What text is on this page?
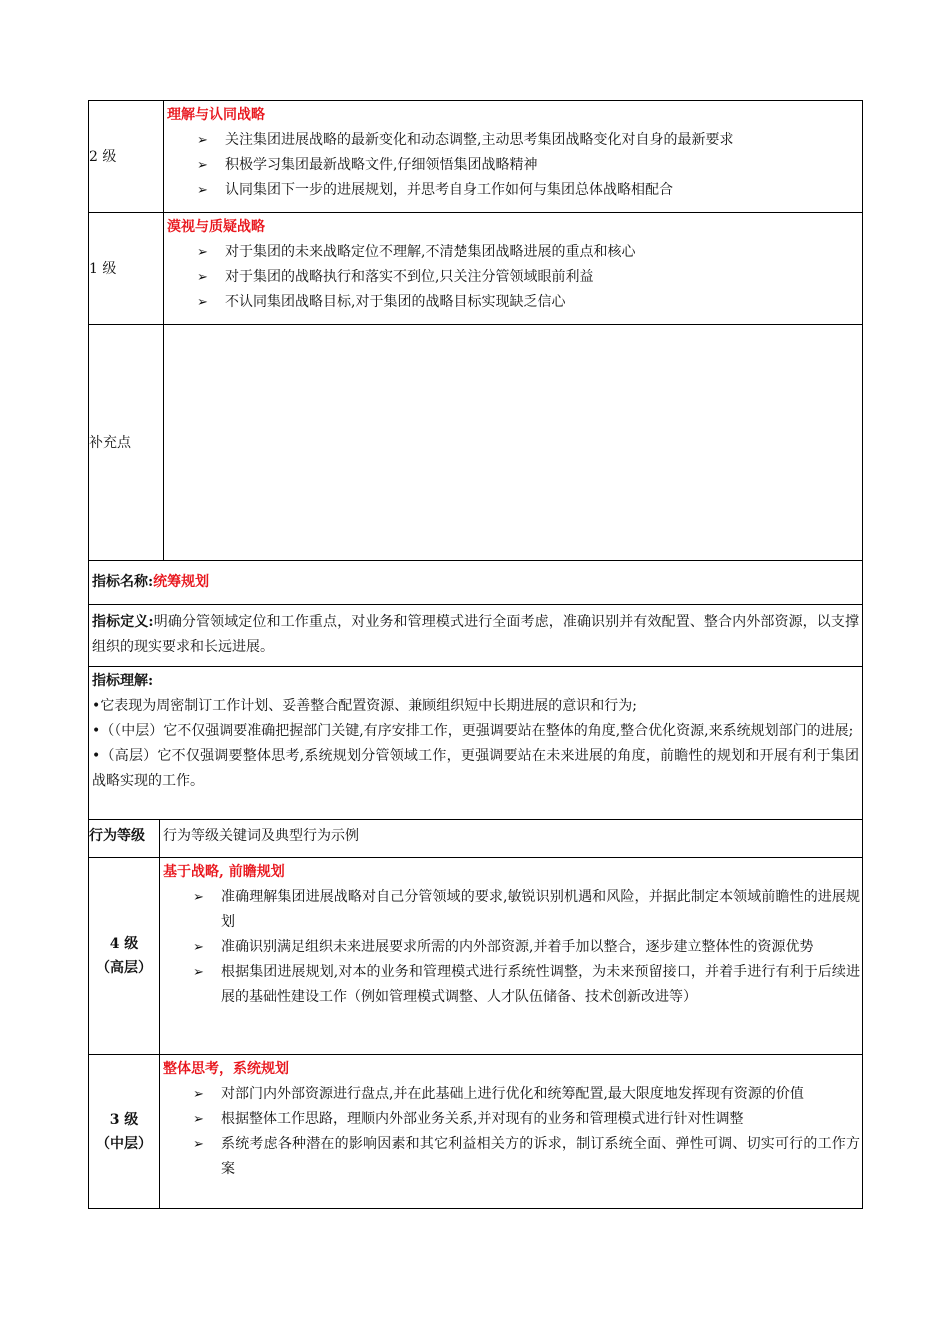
2 级
理解与认同战略
➢ 关注集团进展战略的最新变化和动态调整,主动思考集团战略变化对自身的最新要求
➢ 积极学习集团最新战略文件,仔细领悟集团战略精神
➢ 认同集团下一步的进展规划，并思考自身工作如何与集团总体战略相配合
1 级
漠视与质疑战略
➢ 对于集团的未来战略定位不理解,不清楚集团战略进展的重点和核心
➢ 对于集团的战略执行和落实不到位,只关注分管领域眼前利益
➢ 不认同集团战略目标,对于集团的战略目标实现缺乏信心
补充点
指标名称:统筹规划
指标定义:明确分管领域定位和工作重点，对业务和管理模式进行全面考虑，准确识别并有效配置、整合内外部资源，以支撑组织的现实要求和长远进展。
指标理解:
•它表现为周密制订工作计划、妥善整合配置资源、兼顾组织短中长期进展的意识和行为;
•（（中层）它不仅强调要准确把握部门关键,有序安排工作，更强调要站在整体的角度,整合优化资源,来系统规划部门的进展;
•（高层）它不仅强调要整体思考,系统规划分管领域工作，更强调要站在未来进展的角度，前瞻性的规划和开展有利于集团战略实现的工作。
行为等级	行为等级关键词及典型行为示例
4 级
（高层）
基于战略, 前瞻规划
➢ 准确理解集团进展战略对自己分管领域的要求,敏锐识别机遇和风险，并据此制定本领域前瞻性的进展规划
➢ 准确识别满足组织未来进展要求所需的内外部资源,并着手加以整合，逐步建立整体性的资源优势
➢ 根据集团进展规划,对本的业务和管理模式进行系统性调整，为未来预留接口，并着手进行有利于后续进展的基础性建设工作（例如管理模式调整、人才队伍储备、技术创新改进等）
3 级
（中层）
整体思考，系统规划
➢ 对部门内外部资源进行盘点,并在此基础上进行优化和统筹配置,最大限度地发挥现有资源的价值
➢ 根据整体工作思路，理顺内外部业务关系,并对现有的业务和管理模式进行针对性调整
➢ 系统考虑各种潜在的影响因素和其它利益相关方的诉求，制订系统全面、弹性可调、切实可行的工作方案
